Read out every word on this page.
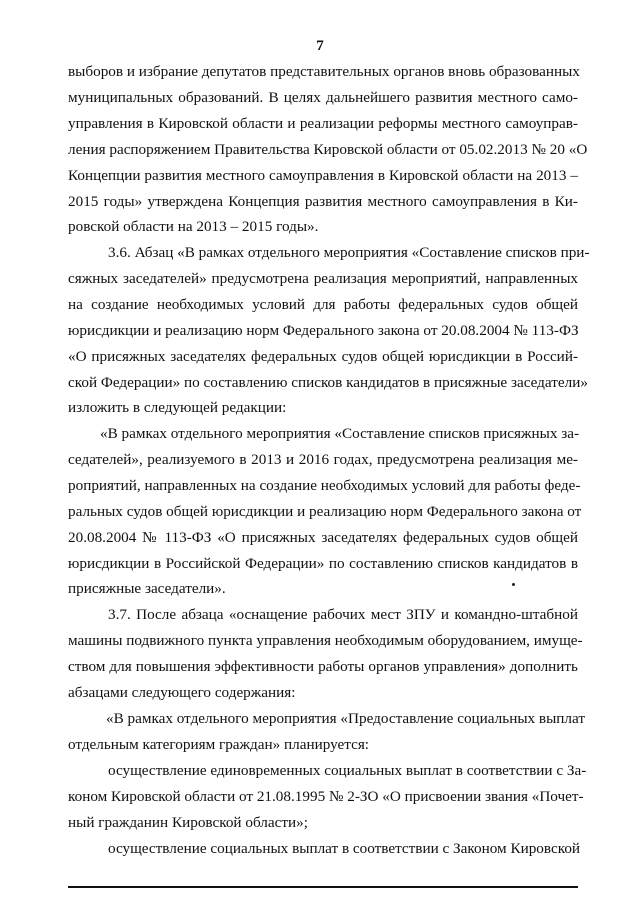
7
выборов и избрание депутатов представительных органов вновь образованных
муниципальных образований. В целях дальнейшего развития местного само-
управления в Кировской области и реализации реформы местного самоуправ-
ления распоряжением Правительства Кировской области от 05.02.2013 № 20 «О
Концепции развития местного самоуправления в Кировской области на 2013 –
2015 годы» утверждена Концепция развития местного самоуправления в Ки-
ровской области на 2013 – 2015 годы».
3.6. Абзац «В рамках отдельного мероприятия «Составление списков при-
сяжных заседателей» предусмотрена реализация мероприятий, направленных
на создание необходимых условий для работы федеральных судов общей
юрисдикции и реализацию норм Федерального закона от 20.08.2004 № 113-ФЗ
«О присяжных заседателях федеральных судов общей юрисдикции в Россий-
ской Федерации» по составлению списков кандидатов в присяжные заседатели»
изложить в следующей редакции:
«В рамках отдельного мероприятия «Составление списков присяжных за-
седателей», реализуемого в 2013 и 2016 годах, предусмотрена реализация ме-
роприятий, направленных на создание необходимых условий для работы феде-
ральных судов общей юрисдикции и реализацию норм Федерального закона от
20.08.2004 № 113-ФЗ «О присяжных заседателях федеральных судов общей
юрисдикции в Российской Федерации» по составлению списков кандидатов в
присяжные заседатели».
3.7. После абзаца «оснащение рабочих мест ЗПУ и командно-штабной
машины подвижного пункта управления необходимым оборудованием, имуще-
ством для повышения эффективности работы органов управления» дополнить
абзацами следующего содержания:
«В рамках отдельного мероприятия «Предоставление социальных выплат
отдельным категориям граждан» планируется:
осуществление единовременных социальных выплат в соответствии с За-
коном Кировской области от 21.08.1995 № 2-ЗО «О присвоении звания «Почет-
ный гражданин Кировской области»;
осуществление социальных выплат в соответствии с Законом Кировской
